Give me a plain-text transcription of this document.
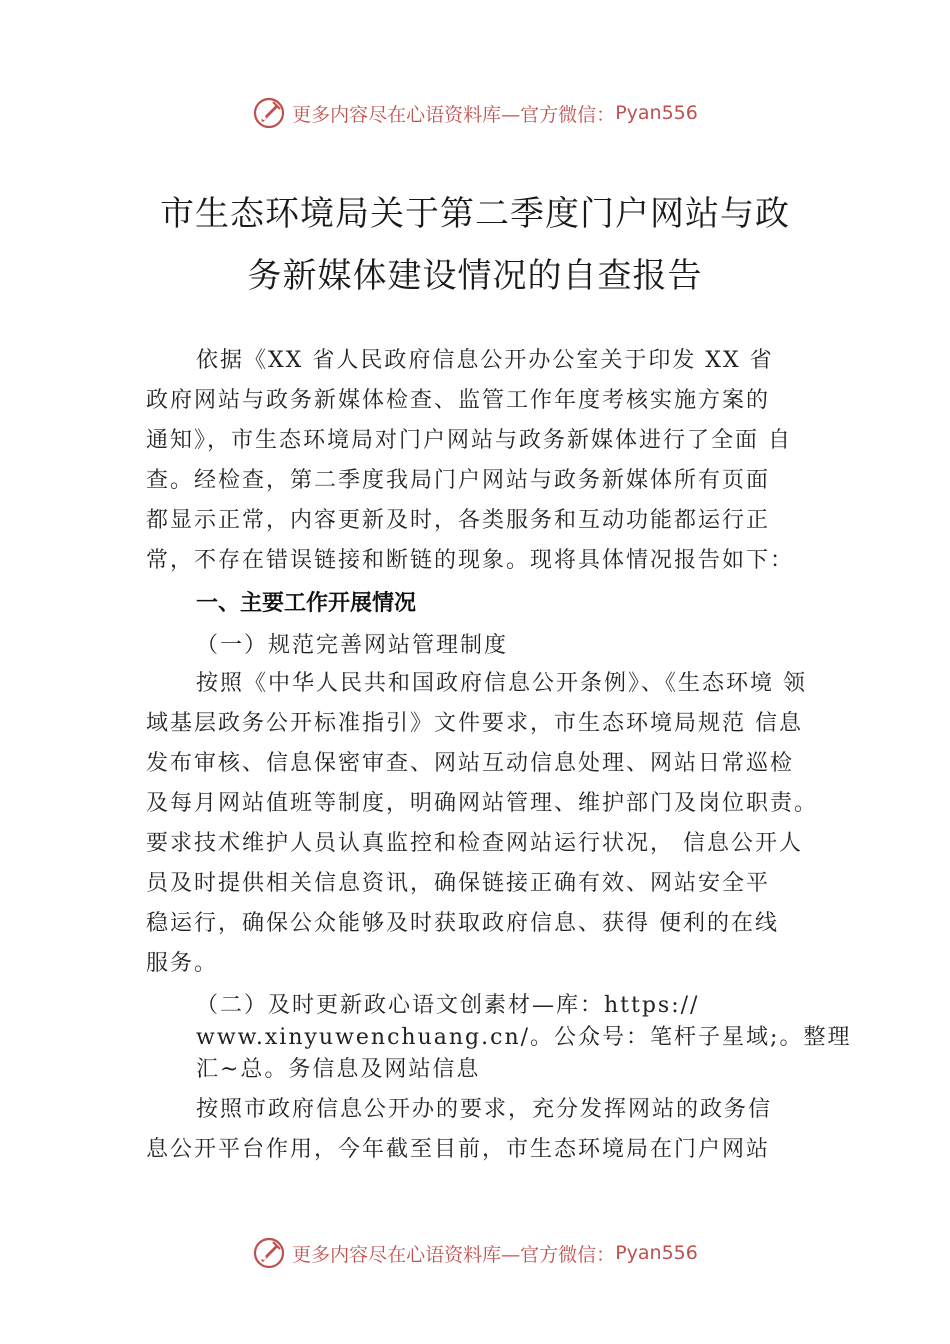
更多内容尽在心语资料库— 官方微信： Pyan556
市生态环境局关于第二季度门户网站与政
务新媒体建设情况的自查报告
依据《XX 省人民政府信息公开办公室关于印发 XX 省
政府网站与政务新媒体检查、监管工作年度考核实施方案的
通知》，市生态环境局对门户网站与政务新媒体进行了全面 自
查。经检查，第二季度我局门户网站与政务新媒体所有页面
都显示正常，内容更新及时，各类服务和互动功能都运行正
常，不存在错误链接和断链的现象。现将具体情况报告如下：
一、主要工作开展情况
（一）规范完善网站管理制度
按照《中华人民共和国政府信息公开条例》、《生态环境 领
域基层政务公开标准指引》文件要求，市生态环境局规范 信息
发布审核、信息保密审查、网站互动信息处理、网站日常巡检
及每月网站值班等制度，明确网站管理、维护部门及岗位职责。
要求技术维护人员认真监控和检查网站运行状况， 信息公开人
员及时提供相关信息资讯，确保链接正确有效、网站安全平
稳运行，确保公众能够及时获取政府信息、获得 便利的在线
服务。
（二）及时更新政心语文创素材—库：https://
www.xinyuwenchuang.cn/。公众号：笔杆子星域;。整理
汇~总。务信息及网站信息
按照市政府信息公开办的要求，充分发挥网站的政务信
息公开平台作用，今年截至目前，市生态环境局在门户网站
更多内容尽在心语资料库— 官方微信： Pyan556
